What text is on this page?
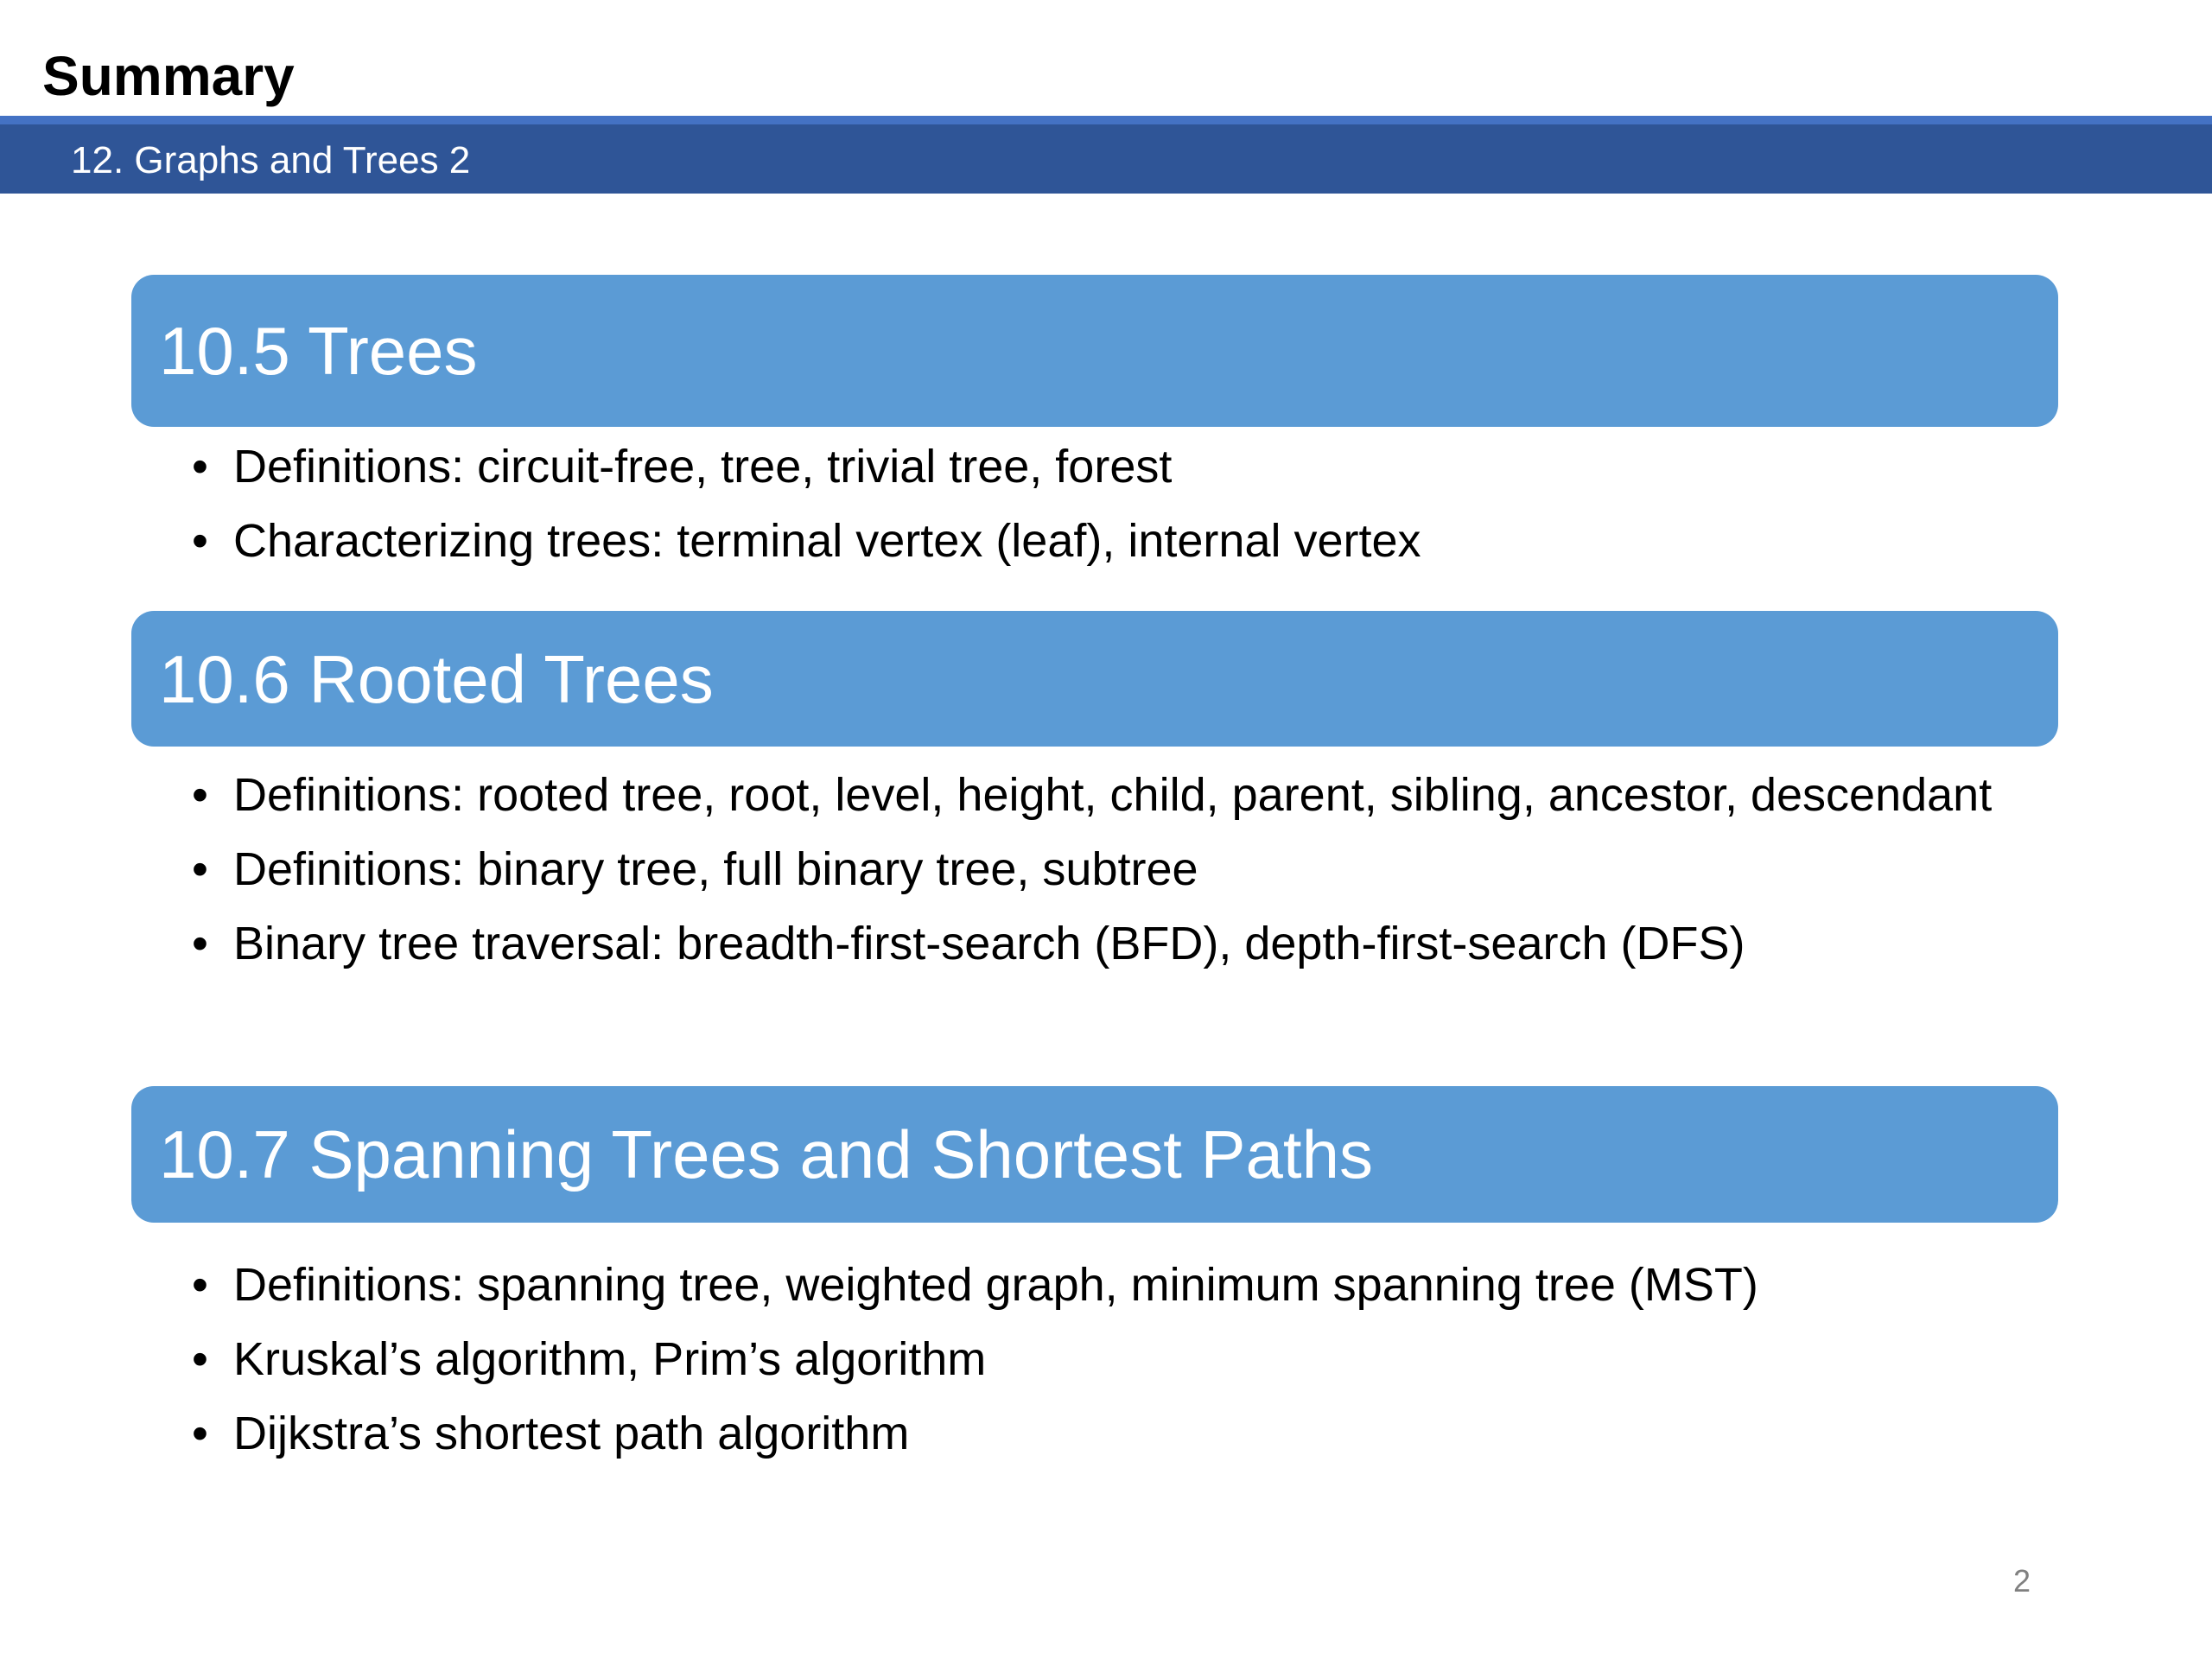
Summary
12. Graphs and Trees 2
10.5 Trees
• Definitions: circuit-free, tree, trivial tree, forest
• Characterizing trees: terminal vertex (leaf), internal vertex
10.6 Rooted Trees
• Definitions: rooted tree, root, level, height, child, parent, sibling, ancestor, descendant
• Definitions: binary tree, full binary tree, subtree
• Binary tree traversal: breadth-first-search (BFD), depth-first-search (DFS)
10.7 Spanning Trees and Shortest Paths
• Definitions: spanning tree, weighted graph, minimum spanning tree (MST)
• Kruskal’s algorithm, Prim’s algorithm
• Dijkstra’s shortest path algorithm
2
